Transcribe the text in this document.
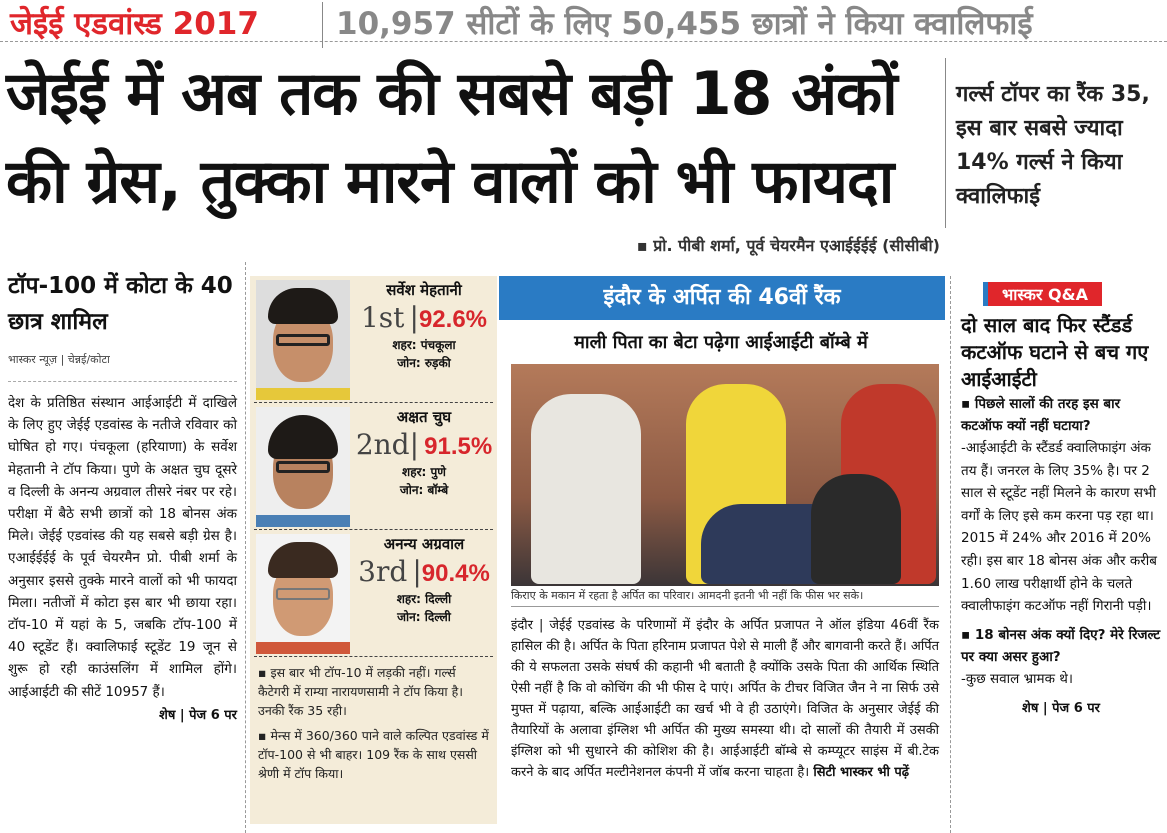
जेईई एडवांस्ड 2017 10,957 सीटों के लिए 50,455 छात्रों ने किया क्वालिफाई
जेईई में अब तक की सबसे बड़ी 18 अंकों
की ग्रेस, तुक्का मारने वालों को भी फायदा
गर्ल्स टॉपर का रैंक 35, इस बार सबसे ज्यादा 14% गर्ल्स ने किया क्वालिफाई
▪ प्रो. पीबी शर्मा, पूर्व चेयरमैन एआईईईई (सीसीबी)
टॉप-100 में कोटा के 40 छात्र शामिल
भास्कर न्यूज़ | चेन्नई/कोटा
देश के प्रतिष्ठित संस्थान आईआईटी में दाखिले के लिए हुए जेईई एडवांस्ड के नतीजे रविवार को घोषित हो गए। पंचकूला (हरियाणा) के सर्वेश मेहतानी ने टॉप किया। पुणे के अक्षत चुघ दूसरे व दिल्ली के अनन्य अग्रवाल तीसरे नंबर पर रहे। परीक्षा में बैठे सभी छात्रों को 18 बोनस अंक मिले। जेईई एडवांस्ड की यह सबसे बड़ी ग्रेस है। एआईईईई के पूर्व चेयरमैन प्रो. पीबी शर्मा के अनुसार इससे तुक्के मारने वालों को भी फायदा मिला। नतीजों में कोटा इस बार भी छाया रहा। टॉप-10 में यहां के 5, जबकि टॉप-100 में 40 स्टूडेंट हैं। क्वालिफाई स्टूडेंट 19 जून से शुरू हो रही काउंसलिंग में शामिल होंगे। आईआईटी की सीटें 10957 हैं।
शेष | पेज 6 पर
सर्वेश मेहतानी
1st |92.6%
शहर: पंचकूला
जोन: रुड़की
अक्षत चुघ
2nd| 91.5%
शहर: पुणे
जोन: बॉम्बे
अनन्य अग्रवाल
3rd |90.4%
शहर: दिल्ली
जोन: दिल्ली

▪ इस बार भी टॉप-10 में लड़की नहीं। गर्ल्स कैटेगरी में राम्या नारायणसामी ने टॉप किया है। उनकी रैंक 35 रही।

▪ मेन्स में 360/360 पाने वाले कल्पित एडवांस्ड में टॉप-100 से भी बाहर। 109 रैंक के साथ एससी श्रेणी में टॉप किया।

इंदौर के अर्पित की 46वीं रैंक
माली पिता का बेटा पढ़ेगा आईआईटी बॉम्बे में
किराए के मकान में रहता है अर्पित का परिवार। आमदनी इतनी भी नहीं कि फीस भर सके।
इंदौर | जेईई एडवांस्ड के परिणामों में इंदौर के अर्पित प्रजापत ने ऑल इंडिया 46वीं रैंक हासिल की है। अर्पित के पिता हरिनाम प्रजापत पेशे से माली हैं और बागवानी करते हैं। अर्पित की ये सफलता उसके संघर्ष की कहानी भी बताती है क्योंकि उसके पिता की आर्थिक स्थिति ऐसी नहीं है कि वो कोचिंग की भी फीस दे पाएं। अर्पित के टीचर विजित जैन ने ना सिर्फ उसे मुफ्त में पढ़ाया, बल्कि आईआईटी का खर्च भी वे ही उठाएंगे। विजित के अनुसार जेईई की तैयारियों के अलावा इंग्लिश भी अर्पित की मुख्य समस्या थी। दो सालों की तैयारी में उसकी इंग्लिश को भी सुधारने की कोशिश की है। आईआईटी बॉम्बे से कम्प्यूटर साइंस में बी.टेक करने के बाद अर्पित मल्टीनेशनल कंपनी में जॉब करना चाहता है। सिटी भास्कर भी पढ़ें
भास्कर Q&A
दो साल बाद फिर स्टैंडर्ड कटऑफ घटाने से बच गए आईआईटी
▪ पिछले सालों की तरह इस बार कटऑफ क्यों नहीं घटाया?
-आईआईटी के स्टैंडर्ड क्वालिफाइंग अंक तय हैं। जनरल के लिए 35% है। पर 2 साल से स्टूडेंट नहीं मिलने के कारण सभी वर्गों के लिए इसे कम करना पड़ रहा था। 2015 में 24% और 2016 में 20% रही। इस बार 18 बोनस अंक और करीब 1.60 लाख परीक्षार्थी होने के चलते क्वालीफाइंग कटऑफ नहीं गिरानी पड़ी।
▪ 18 बोनस अंक क्यों दिए? मेरे रिजल्ट पर क्या असर हुआ?
-कुछ सवाल भ्रामक थे।
शेष | पेज 6 पर
